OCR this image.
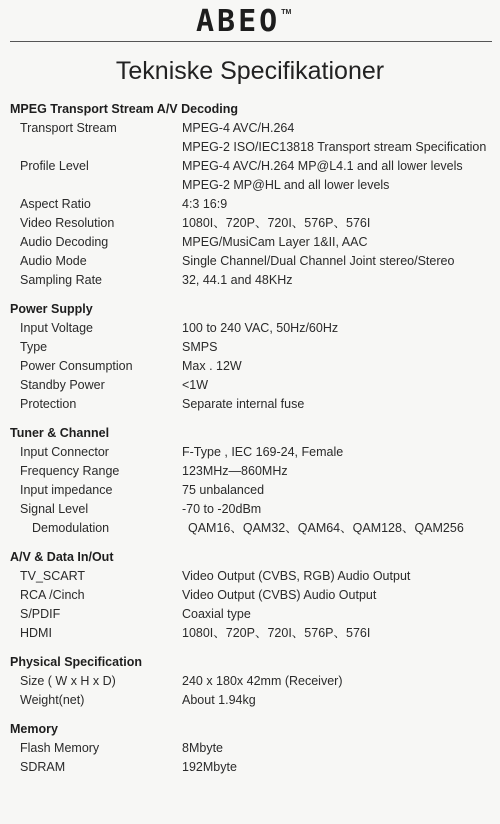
ABEO TM
Tekniske Specifikationer
MPEG Transport Stream A/V Decoding
Transport Stream	MPEG-4 AVC/H.264
MPEG-2 ISO/IEC13818 Transport stream Specification
Profile Level	MPEG-4 AVC/H.264 MP@L4.1 and all lower levels
MPEG-2 MP@HL and all lower levels
Aspect Ratio	4:3 16:9
Video Resolution	1080I、720P、720I、576P、576I
Audio Decoding	MPEG/MusiCam Layer 1&II, AAC
Audio Mode	Single Channel/Dual Channel Joint stereo/Stereo
Sampling Rate	32, 44.1 and 48KHz
Power Supply
Input Voltage	100 to 240 VAC, 50Hz/60Hz
Type	SMPS
Power Consumption	Max . 12W
Standby Power	<1W
Protection	Separate internal fuse
Tuner & Channel
Input Connector	F-Type , IEC 169-24, Female
Frequency Range	123MHz—860MHz
Input impedance	75 unbalanced
Signal Level	-70 to -20dBm
Demodulation	QAM16、QAM32、QAM64、QAM128、QAM256
A/V & Data In/Out
TV_SCART	Video Output (CVBS, RGB) Audio Output
RCA /Cinch	Video Output (CVBS) Audio Output
S/PDIF	Coaxial type
HDMI	1080I、720P、720I、576P、576I
Physical Specification
Size ( W x H x D)	240 x 180x 42mm (Receiver)
Weight(net)	About 1.94kg
Memory
Flash Memory	8Mbyte
SDRAM	192Mbyte
